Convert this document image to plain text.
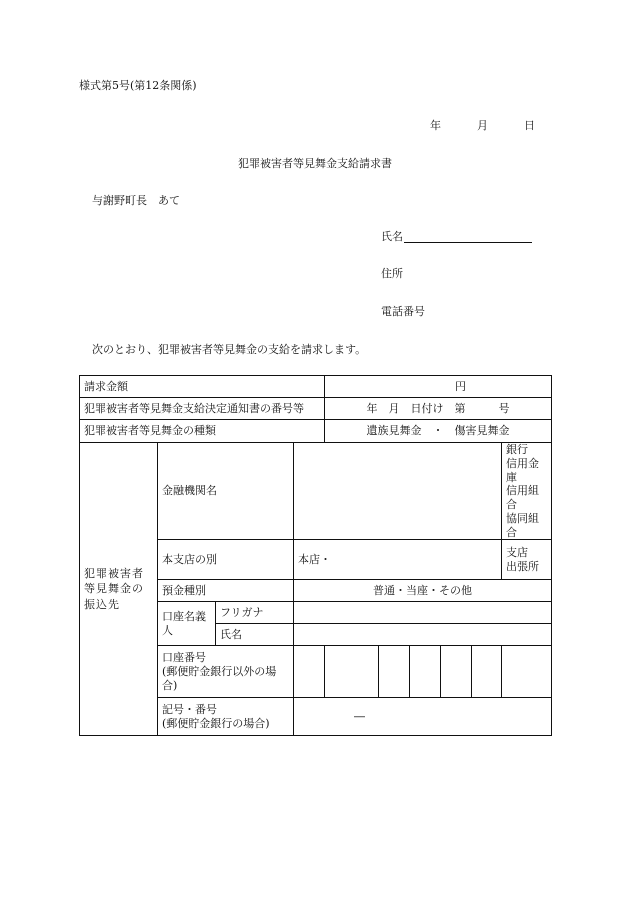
様式第5号(第12条関係)
年	月	日
犯罪被害者等見舞金支給請求書
与謝野町長　あて
氏名
住所
電話番号
次のとおり、犯罪被害者等見舞金の支給を請求します。
請求金額				円						
犯罪被害者等見舞金支給決定通知書の番号等				年　月　日付け　第　　　号						
犯罪被害者等見舞金の種類				遺族見舞金　・　傷害見舞金						

犯罪被害者等見舞金の振込先	金融機関名								銀行
信用金庫
信用組合
協同組合	

	本支店の別		本店・						支店
出張所	

	預金種別		普通・当座・その他							
	口座名義人	フリガナ								
		氏名								
	口座番号
(郵便貯金銀行以外の場合)									
	記号・番号
(郵便貯金銀行の場合)		―							
